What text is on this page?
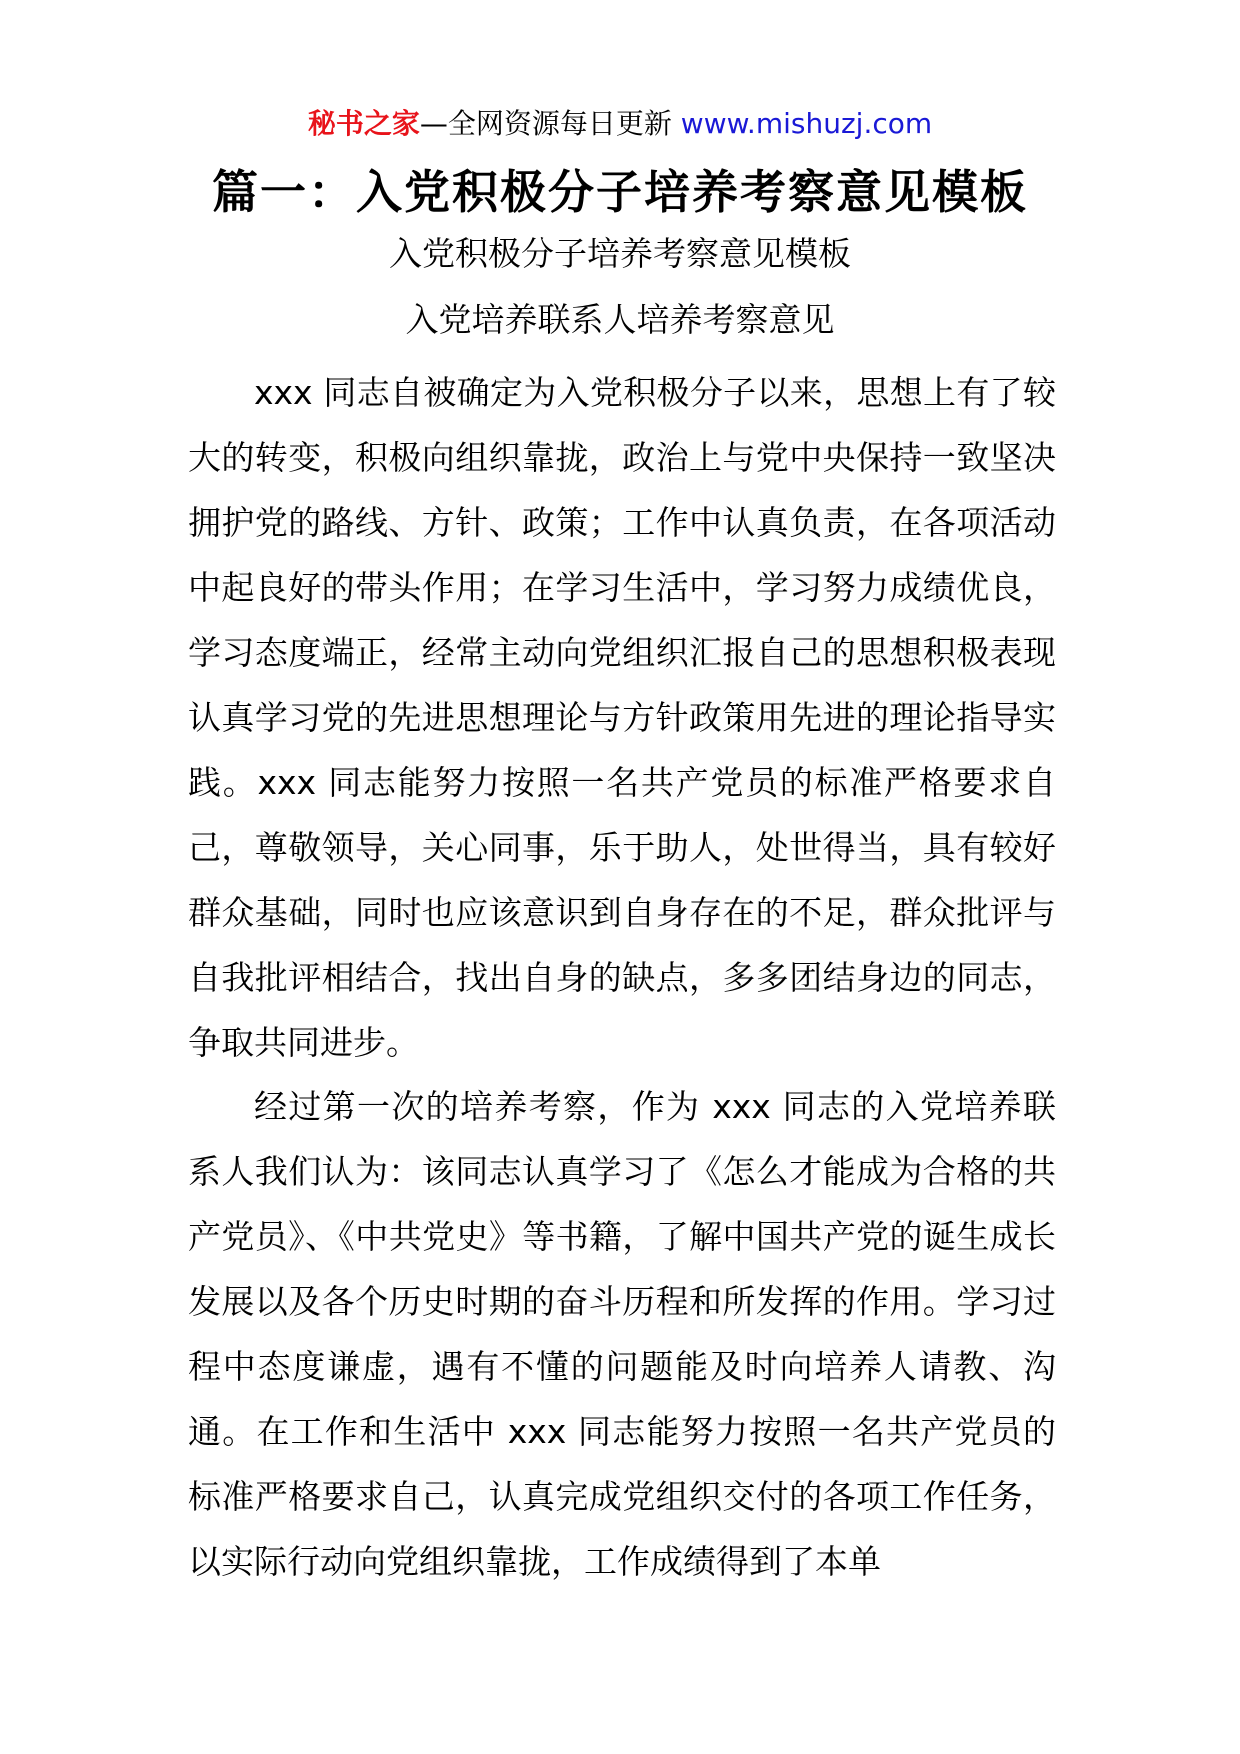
秘书之家—全网资源每日更新 www.mishuzj.com
篇一：入党积极分子培养考察意见模板

入党积极分子培养考察意见模板

入党培养联系人培养考察意见

xxx 同志自被确定为入党积极分子以来，思想上有了较大的转变，积极向组织靠拢，政治上与党中央保持一致坚决拥护党的路线、方针、政策；工作中认真负责，在各项活动中起良好的带头作用；在学习生活中，学习努力成绩优良，学习态度端正，经常主动向党组织汇报自己的思想积极表现认真学习党的先进思想理论与方针政策用先进的理论指导实践。xxx 同志能努力按照一名共产党员的标准严格要求自己，尊敬领导，关心同事，乐于助人，处世得当，具有较好群众基础，同时也应该意识到自身存在的不足，群众批评与自我批评相结合，找出自身的缺点，多多团结身边的同志，争取共同进步。

经过第一次的培养考察，作为 xxx 同志的入党培养联系人我们认为：该同志认真学习了《怎么才能成为合格的共产党员》、《中共党史》等书籍，了解中国共产党的诞生成长发展以及各个历史时期的奋斗历程和所发挥的作用。学习过程中态度谦虚，遇有不懂的问题能及时向培养人请教、沟通。在工作和生活中 xxx 同志能努力按照一名共产党员的标准严格要求自己，认真完成党组织交付的各项工作任务，以实际行动向党组织靠拢，工作成绩得到了本单
